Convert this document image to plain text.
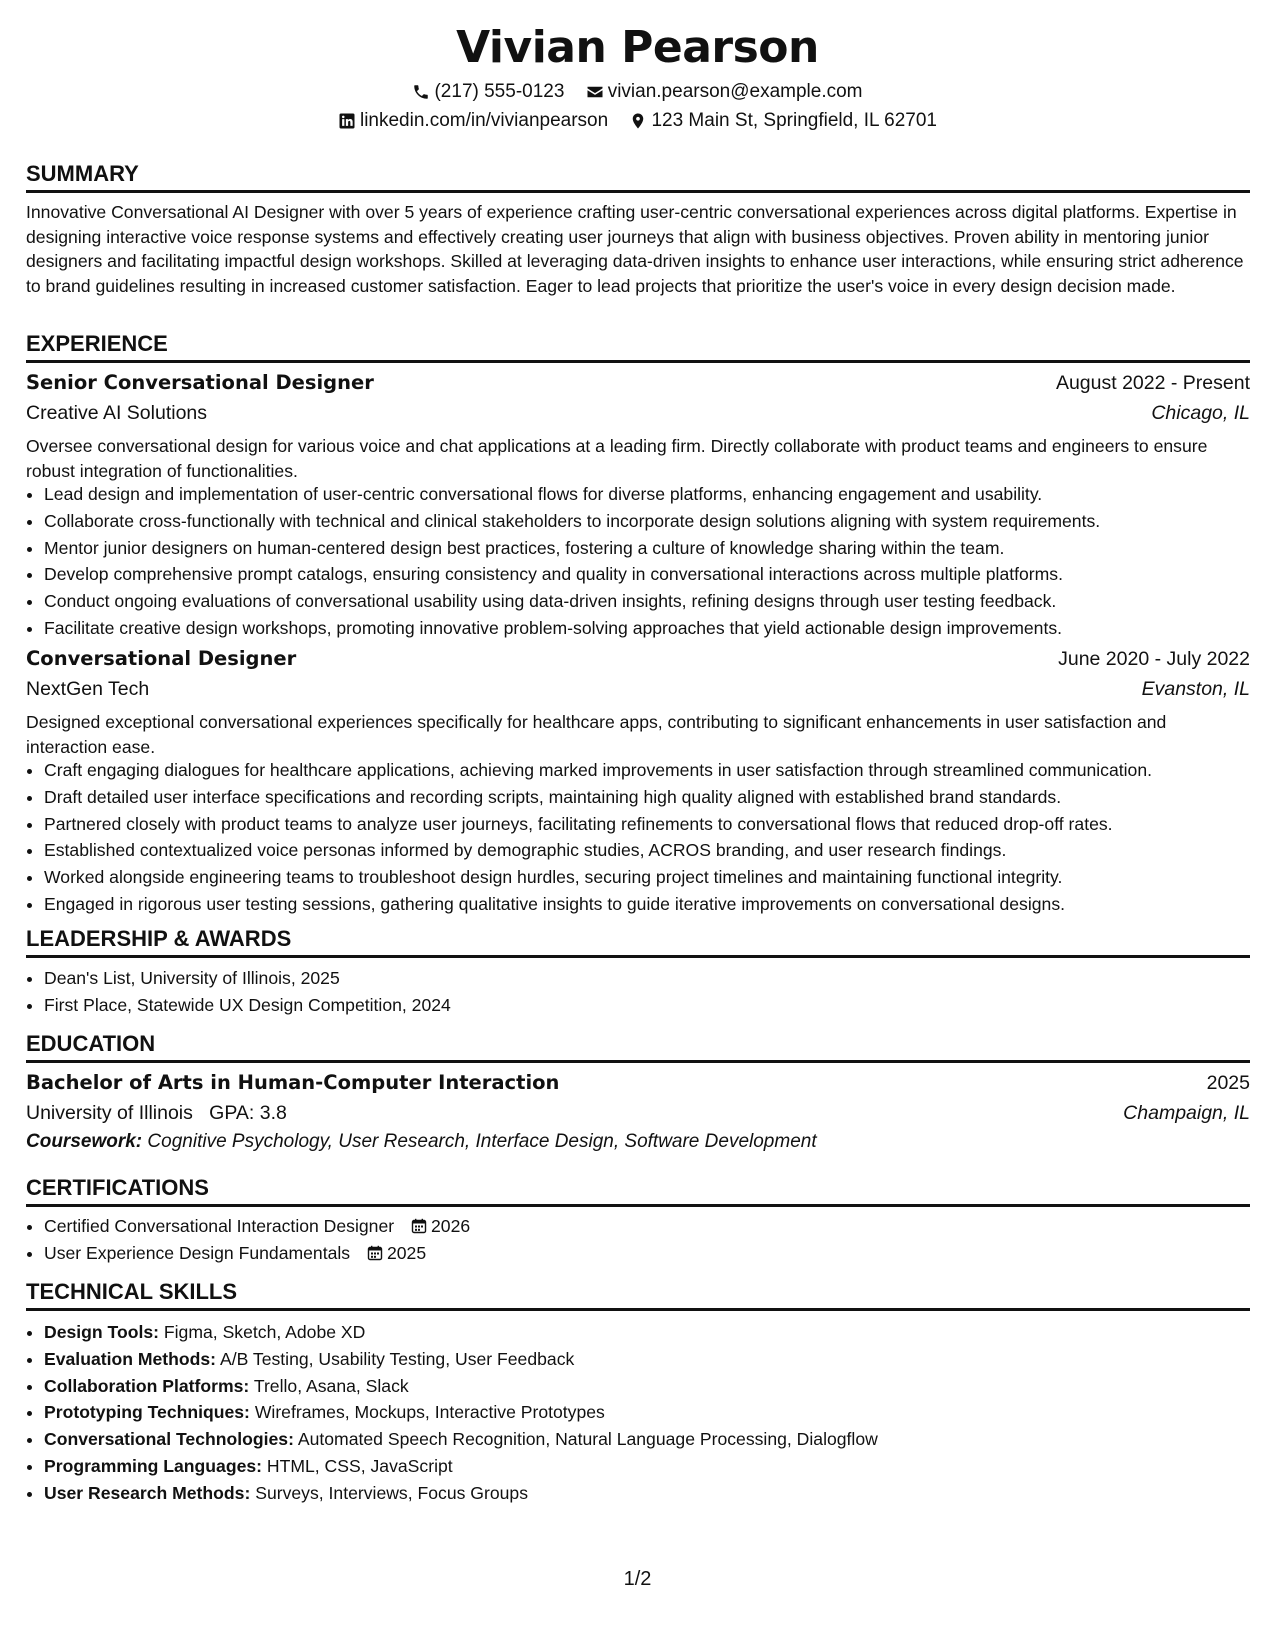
Vivian Pearson
(217) 555-0123
vivian.pearson@example.com
linkedin.com/in/vivianpearson
123 Main St, Springfield, IL 62701
SUMMARY

Innovative Conversational AI Designer with over 5 years of experience crafting user-centric conversational experiences across digital platforms. Expertise in designing interactive voice response systems and effectively creating user journeys that align with business objectives. Proven ability in mentoring junior designers and facilitating impactful design workshops. Skilled at leveraging data-driven insights to enhance user interactions, while ensuring strict adherence to brand guidelines resulting in increased customer satisfaction. Eager to lead projects that prioritize the user's voice in every design decision made.

EXPERIENCE
Senior Conversational Designer	August 2022 - Present
Creative AI Solutions	Chicago, IL

Oversee conversational design for various voice and chat applications at a leading firm. Directly collaborate with product teams and engineers to ensure robust integration of functionalities.

• Lead design and implementation of user-centric conversational flows for diverse platforms, enhancing engagement and usability.
• Collaborate cross-functionally with technical and clinical stakeholders to incorporate design solutions aligning with system requirements.
• Mentor junior designers on human-centered design best practices, fostering a culture of knowledge sharing within the team.
• Develop comprehensive prompt catalogs, ensuring consistency and quality in conversational interactions across multiple platforms.
• Conduct ongoing evaluations of conversational usability using data-driven insights, refining designs through user testing feedback.
• Facilitate creative design workshops, promoting innovative problem-solving approaches that yield actionable design improvements.
Conversational Designer	June 2020 - July 2022
NextGen Tech	Evanston, IL

Designed exceptional conversational experiences specifically for healthcare apps, contributing to significant enhancements in user satisfaction and interaction ease.

• Craft engaging dialogues for healthcare applications, achieving marked improvements in user satisfaction through streamlined communication.
• Draft detailed user interface specifications and recording scripts, maintaining high quality aligned with established brand standards.
• Partnered closely with product teams to analyze user journeys, facilitating refinements to conversational flows that reduced drop-off rates.
• Established contextualized voice personas informed by demographic studies, ACROS branding, and user research findings.
• Worked alongside engineering teams to troubleshoot design hurdles, securing project timelines and maintaining functional integrity.
• Engaged in rigorous user testing sessions, gathering qualitative insights to guide iterative improvements on conversational designs.
LEADERSHIP & AWARDS
• Dean's List, University of Illinois, 2025
• First Place, Statewide UX Design Competition, 2024
EDUCATION
Bachelor of Arts in Human-Computer Interaction	2025
University of Illinois GPA: 3.8	Champaign, IL
Coursework: Cognitive Psychology, User Research, Interface Design, Software Development
CERTIFICATIONS
• Certified Conversational Interaction Designer 2026
• User Experience Design Fundamentals 2025
TECHNICAL SKILLS
• Design Tools: Figma, Sketch, Adobe XD
• Evaluation Methods: A/B Testing, Usability Testing, User Feedback
• Collaboration Platforms: Trello, Asana, Slack
• Prototyping Techniques: Wireframes, Mockups, Interactive Prototypes
• Conversational Technologies: Automated Speech Recognition, Natural Language Processing, Dialogflow
• Programming Languages: HTML, CSS, JavaScript
• User Research Methods: Surveys, Interviews, Focus Groups
1/2
